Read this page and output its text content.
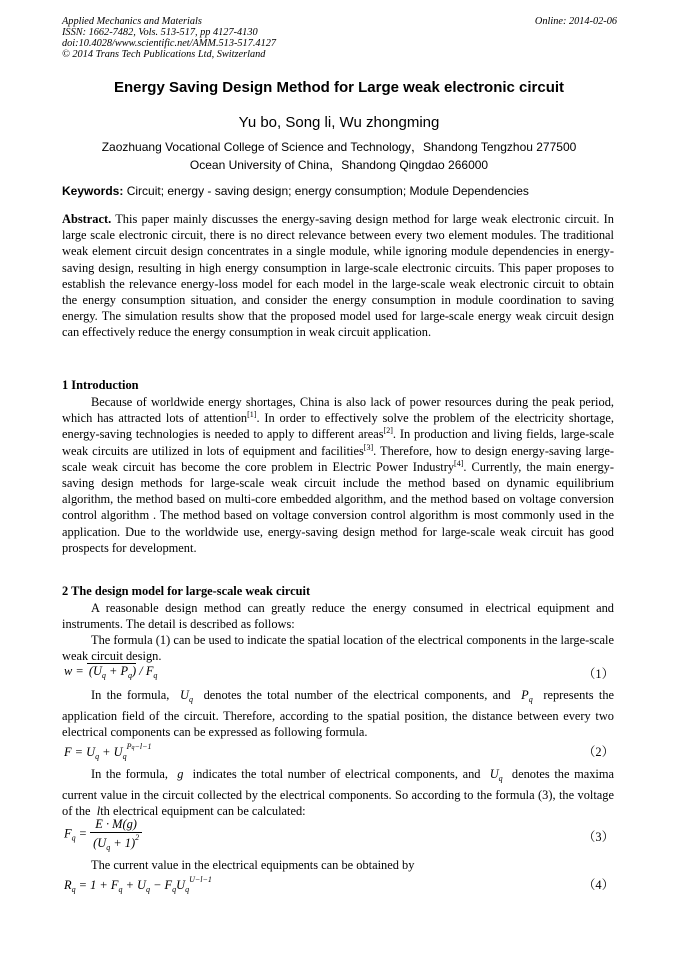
Applied Mechanics and Materials
ISSN: 1662-7482, Vols. 513-517, pp 4127-4130
doi:10.4028/www.scientific.net/AMM.513-517.4127
© 2014 Trans Tech Publications Ltd, Switzerland
Online: 2014-02-06
Energy Saving Design Method for Large weak electronic circuit
Yu bo, Song li, Wu zhongming
Zaozhuang Vocational College of Science and Technology，Shandong Tengzhou 277500
Ocean University of China，Shandong Qingdao 266000
Keywords: Circuit; energy - saving design; energy consumption; Module Dependencies
Abstract. This paper mainly discusses the energy-saving design method for large weak electronic circuit. In large scale electronic circuit, there is no direct relevance between every two element modules. The traditional weak element circuit design concentrates in a single module, while ignoring module dependencies in energy-saving design, resulting in high energy consumption in large-scale electronic circuits. This paper proposes to establish the relevance energy-loss model for each model in the large-scale weak electronic circuit to obtain the energy consumption situation, and consider the energy consumption in module coordination to saving energy. The simulation results show that the proposed model used for large-scale energy weak circuit design can effectively reduce the energy consumption in weak circuit application.
1 Introduction
Because of worldwide energy shortages, China is also lack of power resources during the peak period, which has attracted lots of attention[1]. In order to effectively solve the problem of the electricity shortage, energy-saving technologies is needed to apply to different areas[2]. In production and living fields, large-scale weak circuits are utilized in lots of equipment and facilities[3]. Therefore, how to design energy-saving large-scale weak circuit has become the core problem in Electric Power Industry[4]. Currently, the main energy-saving design methods for large-scale weak circuit include the method based on dynamic equilibrium algorithm, the method based on multi-core embedded algorithm, and the method based on voltage conversion control algorithm . The method based on voltage conversion control algorithm is most commonly used in the application. Due to the worldwide use, energy-saving design method for large-scale weak circuit has good prospects for development.
2 The design model for large-scale weak circuit
A reasonable design method can greatly reduce the energy consumed in electrical equipment and instruments. The detail is described as follows:
The formula (1) can be used to indicate the spatial location of the electrical components in the large-scale weak circuit design.
$w = (U_q + P_q) / F_q$	（1）
In the formula,  $U_q$ denotes the total number of the electrical components, and  $P_q$ represents the application field of the circuit. Therefore, according to the spatial position, the distance between every two electrical components can be expressed as following formula.
$F = U_q + U_q^{Pq-l-1}$	（2）
In the formula,  g  indicates the total number of electrical components, and  $U_q$ denotes the maxima current value in the circuit collected by the electrical components. So according to the formula (3), the voltage of the  lth electrical equipment can be calculated:
$F_q = \frac{E \cdot M(g)}{(U_q + 1)^2}$	（3）
The current value in the electrical equipments can be obtained by
$R_q = 1 + F_q + U_q - F_qU_q^{U-l-1}$	（4）
